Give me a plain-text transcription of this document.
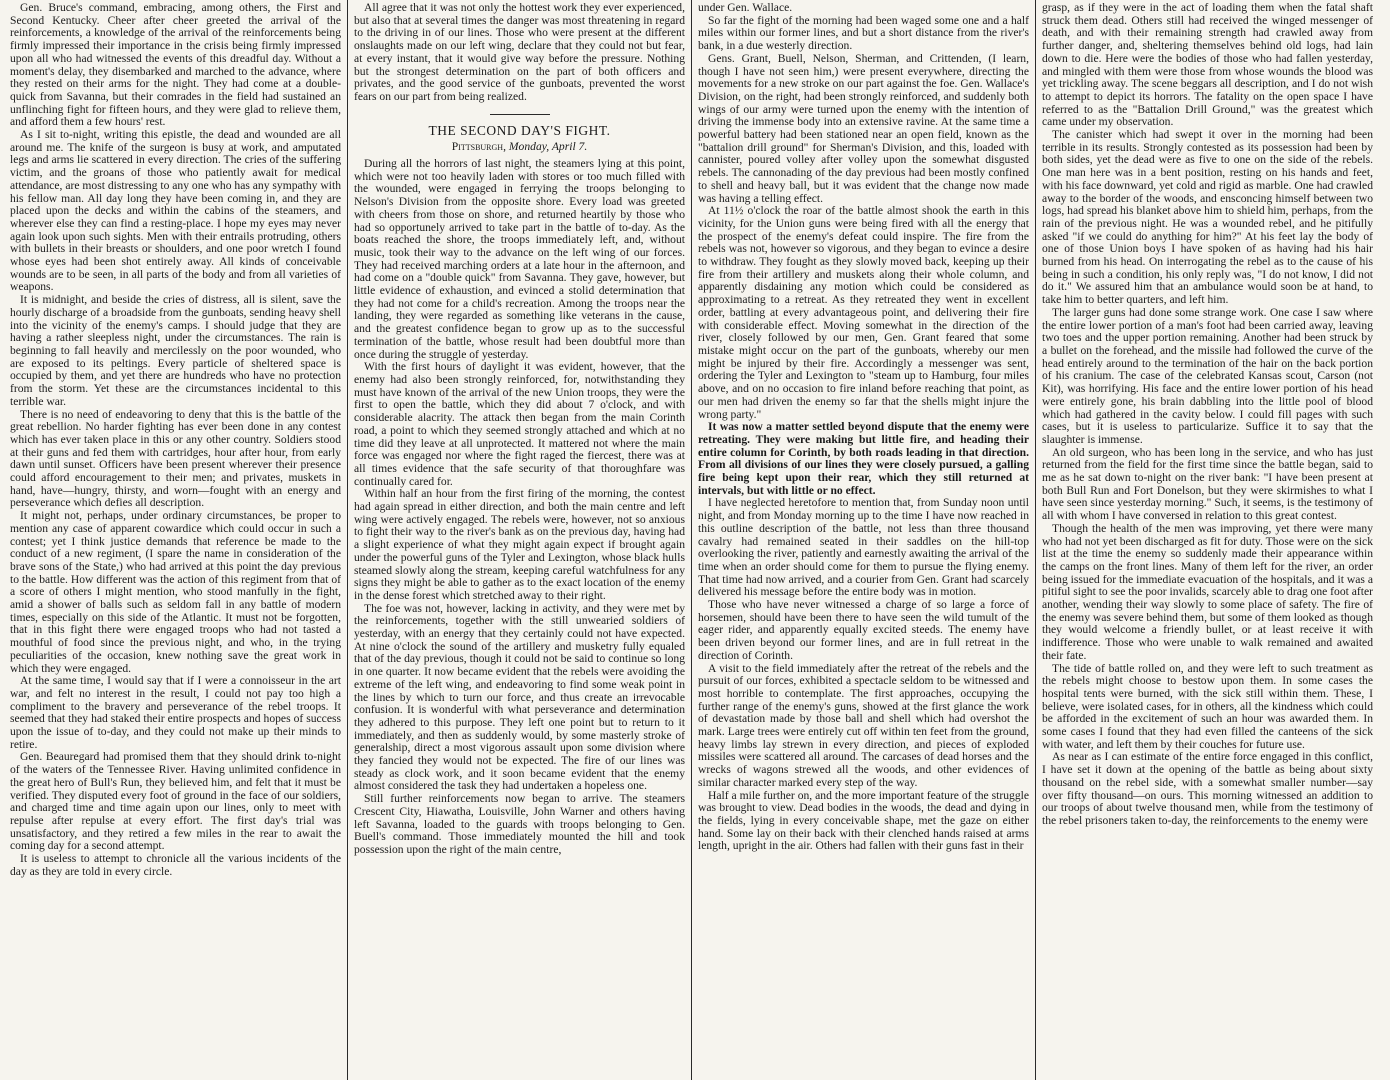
Gen. Bruce's command, embracing, among others, the First and Second Kentucky. Cheer after cheer greeted the arrival of the reinforcements, a knowledge of the arrival of the reinforcements being firmly impressed their importance in the crisis being firmly impressed upon all who had witnessed the events of this dreadful day. Without a moment's delay, they disembarked and marched to the advance, where they rested on their arms for the night. They had come at a double-quick from Savanna, but their comrades in the field had sustained an unflinching fight for fifteen hours, and they were glad to relieve them, and afford them a few hours' rest.

As I sit to-night, writing this epistle, the dead and wounded are all around me. The knife of the surgeon is busy at work, and amputated legs and arms lie scattered in every direction. The cries of the suffering victim, and the groans of those who patiently await for medical attendance, are most distressing to any one who has any sympathy with his fellow man. All day long they have been coming in, and they are placed upon the decks and within the cabins of the steamers, and wherever else they can find a resting-place. I hope my eyes may never again look upon such sights. Men with their entrails protruding, others with bullets in their breasts or shoulders, and one poor wretch I found whose eyes had been shot entirely away. All kinds of conceivable wounds are to be seen, in all parts of the body and from all varieties of weapons.

It is midnight, and beside the cries of distress, all is silent, save the hourly discharge of a broadside from the gunboats, sending heavy shell into the vicinity of the enemy's camps. I should judge that they are having a rather sleepless night, under the circumstances. The rain is beginning to fall heavily and mercilessly on the poor wounded, who are exposed to its peltings. Every particle of sheltered space is occupied by them, and yet there are hundreds who have no protection from the storm. Yet these are the circumstances incidental to this terrible war.

There is no need of endeavoring to deny that this is the battle of the great rebellion. No harder fighting has ever been done in any contest which has ever taken place in this or any other country. Soldiers stood at their guns and fed them with cartridges, hour after hour, from early dawn until sunset. Officers have been present wherever their presence could afford encouragement to their men; and privates, muskets in hand, have—hungry, thirsty, and worn—fought with an energy and perseverance which defies all description.

It might not, perhaps, under ordinary circumstances, be proper to mention any case of apparent cowardice which could occur in such a contest; yet I think justice demands that reference be made to the conduct of a new regiment, (I spare the name in consideration of the brave sons of the State,) who had arrived at this point the day previous to the battle. How different was the action of this regiment from that of a score of others I might mention, who stood manfully in the fight, amid a shower of balls such as seldom fall in any battle of modern times, especially on this side of the Atlantic. It must not be forgotten, that in this fight there were engaged troops who had not tasted a mouthful of food since the previous night, and who, in the trying peculiarities of the occasion, knew nothing save the great work in which they were engaged.

At the same time, I would say that if I were a connoisseur in the art war, and felt no interest in the result, I could not pay too high a compliment to the bravery and perseverance of the rebel troops. It seemed that they had staked their entire prospects and hopes of success upon the issue of to-day, and they could not make up their minds to retire.

Gen. Beauregard had promised them that they should drink to-night of the waters of the Tennessee River. Having unlimited confidence in the great hero of Bull's Run, they believed him, and felt that it must be verified. They disputed every foot of ground in the face of our soldiers, and charged time and time again upon our lines, only to meet with repulse after repulse at every effort. The first day's trial was unsatisfactory, and they retired a few miles in the rear to await the coming day for a second attempt.

It is useless to attempt to chronicle all the various incidents of the day as they are told in every circle.

All agree that it was not only the hottest work they ever experienced, but also that at several times the danger was most threatening in regard to the driving in of our lines. Those who were present at the different onslaughts made on our left wing, declare that they could not but fear, at every instant, that it would give way before the pressure. Nothing but the strongest determination on the part of both officers and privates, and the good service of the gunboats, prevented the worst fears on our part from being realized.

THE SECOND DAY'S FIGHT.
Pittsburgh, Monday, April 7.

During all the horrors of last night, the steamers lying at this point, which were not too heavily laden with stores or too much filled with the wounded, were engaged in ferrying the troops belonging to Nelson's Division from the opposite shore. Every load was greeted with cheers from those on shore, and returned heartily by those who had so opportunely arrived to take part in the battle of to-day. As the boats reached the shore, the troops immediately left, and, without music, took their way to the advance on the left wing of our forces. They had received marching orders at a late hour in the afternoon, and had come on a "double quick" from Savanna. They gave, however, but little evidence of exhaustion, and evinced a stolid determination that they had not come for a child's recreation. Among the troops near the landing, they were regarded as something like veterans in the cause, and the greatest confidence began to grow up as to the successful termination of the battle, whose result had been doubtful more than once during the struggle of yesterday.

With the first hours of daylight it was evident, however, that the enemy had also been strongly reinforced, for, notwithstanding they must have known of the arrival of the new Union troops, they were the first to open the battle, which they did about 7 o'clock, and with considerable alacrity. The attack then began from the main Corinth road, a point to which they seemed strongly attached and which at no time did they leave at all unprotected. It mattered not where the main force was engaged nor where the fight raged the fiercest, there was at all times evidence that the safe security of that thoroughfare was continually cared for.

Within half an hour from the first firing of the morning, the contest had again spread in either direction, and both the main centre and left wing were actively engaged. The rebels were, however, not so anxious to fight their way to the river's bank as on the previous day, having had a slight experience of what they might again expect if brought again under the powerful guns of the Tyler and Lexington, whose black hulls steamed slowly along the stream, keeping careful watchfulness for any signs they might be able to gather as to the exact location of the enemy in the dense forest which stretched away to their right.

The foe was not, however, lacking in activity, and they were met by the reinforcements, together with the still unwearied soldiers of yesterday, with an energy that they certainly could not have expected. At nine o'clock the sound of the artillery and musketry fully equaled that of the day previous, though it could not be said to continue so long in one quarter. It now became evident that the rebels were avoiding the extreme of the left wing, and endeavoring to find some weak point in the lines by which to turn our force, and thus create an irrevocable confusion. It is wonderful with what perseverance and determination they adhered to this purpose. They left one point but to return to it immediately, and then as suddenly would, by some masterly stroke of generalship, direct a most vigorous assault upon some division where they fancied they would not be expected. The fire of our lines was steady as clock work, and it soon became evident that the enemy almost considered the task they had undertaken a hopeless one.

Still further reinforcements now began to arrive. The steamers Crescent City, Hiawatha, Louisville, John Warner and others having left Savanna, loaded to the guards with troops belonging to Gen. Buell's command. Those immediately mounted the hill and took possession upon the right of the main centre,

under Gen. Wallace.

So far the fight of the morning had been waged some one and a half miles within our former lines, and but a short distance from the river's bank, in a due westerly direction.

Gens. Grant, Buell, Nelson, Sherman, and Crittenden, (I learn, though I have not seen him,) were present everywhere, directing the movements for a new stroke on our part against the foe. Gen. Wallace's Division, on the right, had been strongly reinforced, and suddenly both wings of our army were turned upon the enemy with the intention of driving the immense body into an extensive ravine. At the same time a powerful battery had been stationed near an open field, known as the "battalion drill ground" for Sherman's Division, and this, loaded with cannister, poured volley after volley upon the somewhat disgusted rebels. The cannonading of the day previous had been mostly confined to shell and heavy ball, but it was evident that the change now made was having a telling effect.

At 11½ o'clock the roar of the battle almost shook the earth in this vicinity, for the Union guns were being fired with all the energy that the prospect of the enemy's defeat could inspire. The fire from the rebels was not, however so vigorous, and they began to evince a desire to withdraw. They fought as they slowly moved back, keeping up their fire from their artillery and muskets along their whole column, and apparently disdaining any motion which could be considered as approximating to a retreat. As they retreated they went in excellent order, battling at every advantageous point, and delivering their fire with considerable effect. Moving somewhat in the direction of the river, closely followed by our men, Gen. Grant feared that some mistake might occur on the part of the gunboats, whereby our men might be injured by their fire. Accordingly a messenger was sent, ordering the Tyler and Lexington to "steam up to Hamburg, four miles above, and on no occasion to fire inland before reaching that point, as our men had driven the enemy so far that the shells might injure the wrong party."

It was now a matter settled beyond dispute that the enemy were retreating. They were making but little fire, and heading their entire column for Corinth, by both roads leading in that direction. From all divisions of our lines they were closely pursued, a galling fire being kept upon their rear, which they still returned at intervals, but with little or no effect.

I have neglected heretofore to mention that, from Sunday noon until night, and from Monday morning up to the time I have now reached in this outline description of the battle, not less than three thousand cavalry had remained seated in their saddles on the hill-top overlooking the river, patiently and earnestly awaiting the arrival of the time when an order should come for them to pursue the flying enemy. That time had now arrived, and a courier from Gen. Grant had scarcely delivered his message before the entire body was in motion.

Those who have never witnessed a charge of so large a force of horsemen, should have been there to have seen the wild tumult of the eager rider, and apparently equally excited steeds. The enemy have been driven beyond our former lines, and are in full retreat in the direction of Corinth.

A visit to the field immediately after the retreat of the rebels and the pursuit of our forces, exhibited a spectacle seldom to be witnessed and most horrible to contemplate. The first approaches, occupying the further range of the enemy's guns, showed at the first glance the work of devastation made by those ball and shell which had overshot the mark. Large trees were entirely cut off within ten feet from the ground, heavy limbs lay strewn in every direction, and pieces of exploded missiles were scattered all around. The carcases of dead horses and the wrecks of wagons strewed all the woods, and other evidences of similar character marked every step of the way.

Half a mile further on, and the more important feature of the struggle was brought to view. Dead bodies in the woods, the dead and dying in the fields, lying in every conceivable shape, met the gaze on either hand. Some lay on their back with their clenched hands raised at arms length, upright in the air. Others had fallen with their guns fast in their

grasp, as if they were in the act of loading them when the fatal shaft struck them dead. Others still had received the winged messenger of death, and with their remaining strength had crawled away from further danger, and, sheltering themselves behind old logs, had lain down to die. Here were the bodies of those who had fallen yesterday, and mingled with them were those from whose wounds the blood was yet trickling away. The scene beggars all description, and I do not wish to attempt to depict its horrors. The fatality on the open space I have referred to as the "Battalion Drill Ground," was the greatest which came under my observation.

The canister which had swept it over in the morning had been terrible in its results. Strongly contested as its possession had been by both sides, yet the dead were as five to one on the side of the rebels. One man here was in a bent position, resting on his hands and feet, with his face downward, yet cold and rigid as marble. One had crawled away to the border of the woods, and ensconcing himself between two logs, had spread his blanket above him to shield him, perhaps, from the rain of the previous night. He was a wounded rebel, and he pitifully asked "if we could do anything for him?" At his feet lay the body of one of those Union boys I have spoken of as having had his hair burned from his head. On interrogating the rebel as to the cause of his being in such a condition, his only reply was, "I do not know, I did not do it." We assured him that an ambulance would soon be at hand, to take him to better quarters, and left him.

The larger guns had done some strange work. One case I saw where the entire lower portion of a man's foot had been carried away, leaving two toes and the upper portion remaining. Another had been struck by a bullet on the forehead, and the missile had followed the curve of the head entirely around to the termination of the hair on the back portion of his cranium. The case of the celebrated Kansas scout, Carson (not Kit), was horrifying. His face and the entire lower portion of his head were entirely gone, his brain dabbling into the little pool of blood which had gathered in the cavity below. I could fill pages with such cases, but it is useless to particularize. Suffice it to say that the slaughter is immense.

An old surgeon, who has been long in the service, and who has just returned from the field for the first time since the battle began, said to me as he sat down to-night on the river bank: "I have been present at both Bull Run and Fort Donelson, but they were skirmishes to what I have seen since yesterday morning." Such, it seems, is the testimony of all with whom I have conversed in relation to this great contest.

Though the health of the men was improving, yet there were many who had not yet been discharged as fit for duty. Those were on the sick list at the time the enemy so suddenly made their appearance within the camps on the front lines. Many of them left for the river, an order being issued for the immediate evacuation of the hospitals, and it was a pitiful sight to see the poor invalids, scarcely able to drag one foot after another, wending their way slowly to some place of safety. The fire of the enemy was severe behind them, but some of them looked as though they would welcome a friendly bullet, or at least receive it with indifference. Those who were unable to walk remained and awaited their fate.

The tide of battle rolled on, and they were left to such treatment as the rebels might choose to bestow upon them. In some cases the hospital tents were burned, with the sick still within them. These, I believe, were isolated cases, for in others, all the kindness which could be afforded in the excitement of such an hour was awarded them. In some cases I found that they had even filled the canteens of the sick with water, and left them by their couches for future use.

As near as I can estimate of the entire force engaged in this conflict, I have set it down at the opening of the battle as being about sixty thousand on the rebel side, with a somewhat smaller number—say over fifty thousand—on ours. This morning witnessed an addition to our troops of about twelve thousand men, while from the testimony of the rebel prisoners taken to-day, the reinforcements to the enemy were
